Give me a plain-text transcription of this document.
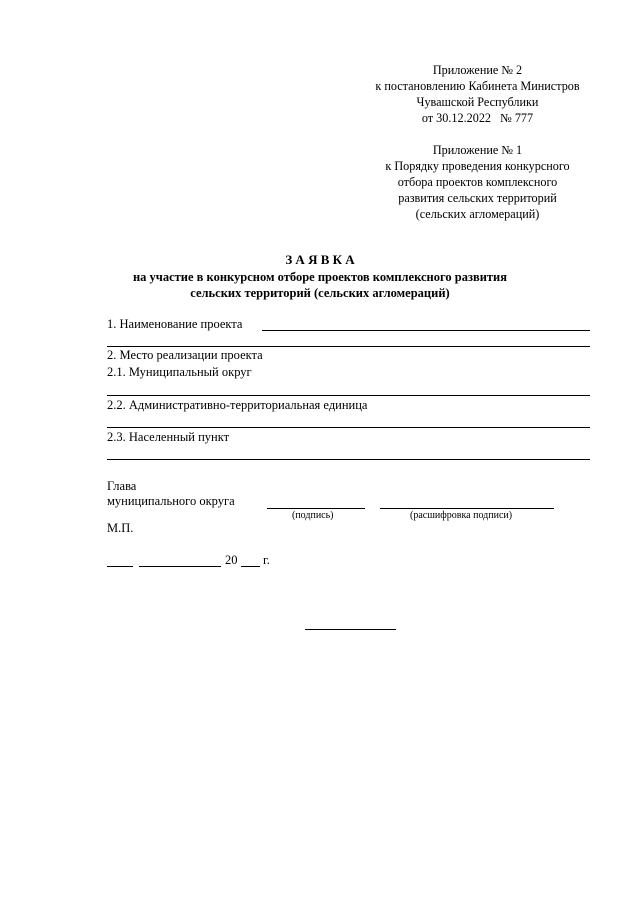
Приложение № 2
к постановлению Кабинета Министров
Чувашской Республики
от 30.12.2022   № 777
Приложение № 1
к Порядку проведения конкурсного
отбора проектов комплексного
развития сельских территорий
(сельских агломераций)
З А Я В К А
на участие в конкурсном отборе проектов комплексного развития
сельских территорий (сельских агломераций)
1. Наименование проекта
2. Место реализации проекта
2.1. Муниципальный округ
2.2. Административно-территориальная единица
2.3. Населенный пункт
Глава
муниципального округа
(подпись)	(расшифровка подписи)
М.П.
20 г.
